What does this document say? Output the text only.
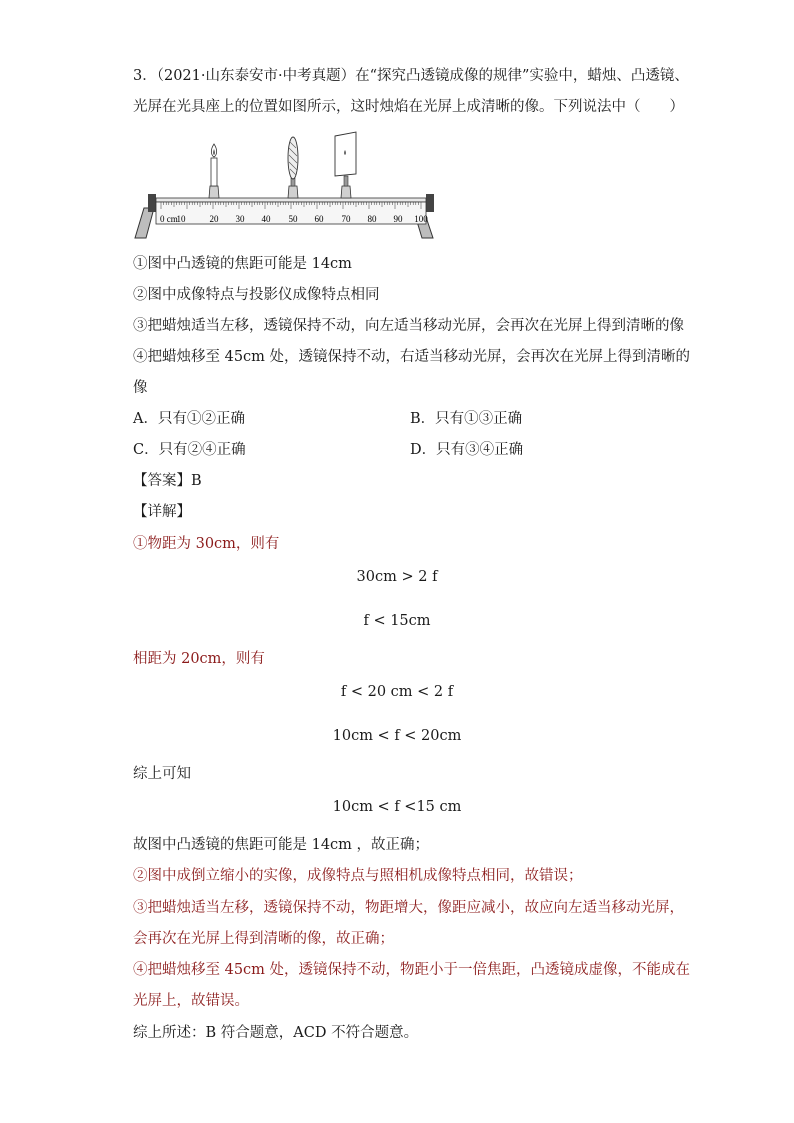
3．（2021·山东泰安市·中考真题）在“探究凸透镜成像的规律”实验中，蜡烛、凸透镜、
光屏在光具座上的位置如图所示，这时烛焰在光屏上成清晰的像。下列说法中（　　）
0 cm
10	20 30 40 50 60 70 80 90 100
①图中凸透镜的焦距可能是 14cm
②图中成像特点与投影仪成像特点相同
③把蜡烛适当左移，透镜保持不动，向左适当移动光屏，会再次在光屏上得到清晰的像
④把蜡烛移至 45cm 处，透镜保持不动，右适当移动光屏，会再次在光屏上得到清晰的
像
A．只有①②正确	B．只有①③正确
C．只有②④正确	D．只有③④正确
【答案】B
【详解】
①物距为 30cm，则有
30cm > 2 f
f < 15cm
相距为 20cm，则有
f < 20 cm < 2 f
10cm < f < 20cm
综上可知
10cm < f <15 cm
故图中凸透镜的焦距可能是 14cm ，故正确；
②图中成倒立缩小的实像，成像特点与照相机成像特点相同，故错误；
③把蜡烛适当左移，透镜保持不动，物距增大，像距应减小，故应向左适当移动光屏，
会再次在光屏上得到清晰的像，故正确；
④把蜡烛移至 45cm 处，透镜保持不动，物距小于一倍焦距，凸透镜成虚像，不能成在
光屏上，故错误。
综上所述：B 符合题意，ACD 不符合题意。
